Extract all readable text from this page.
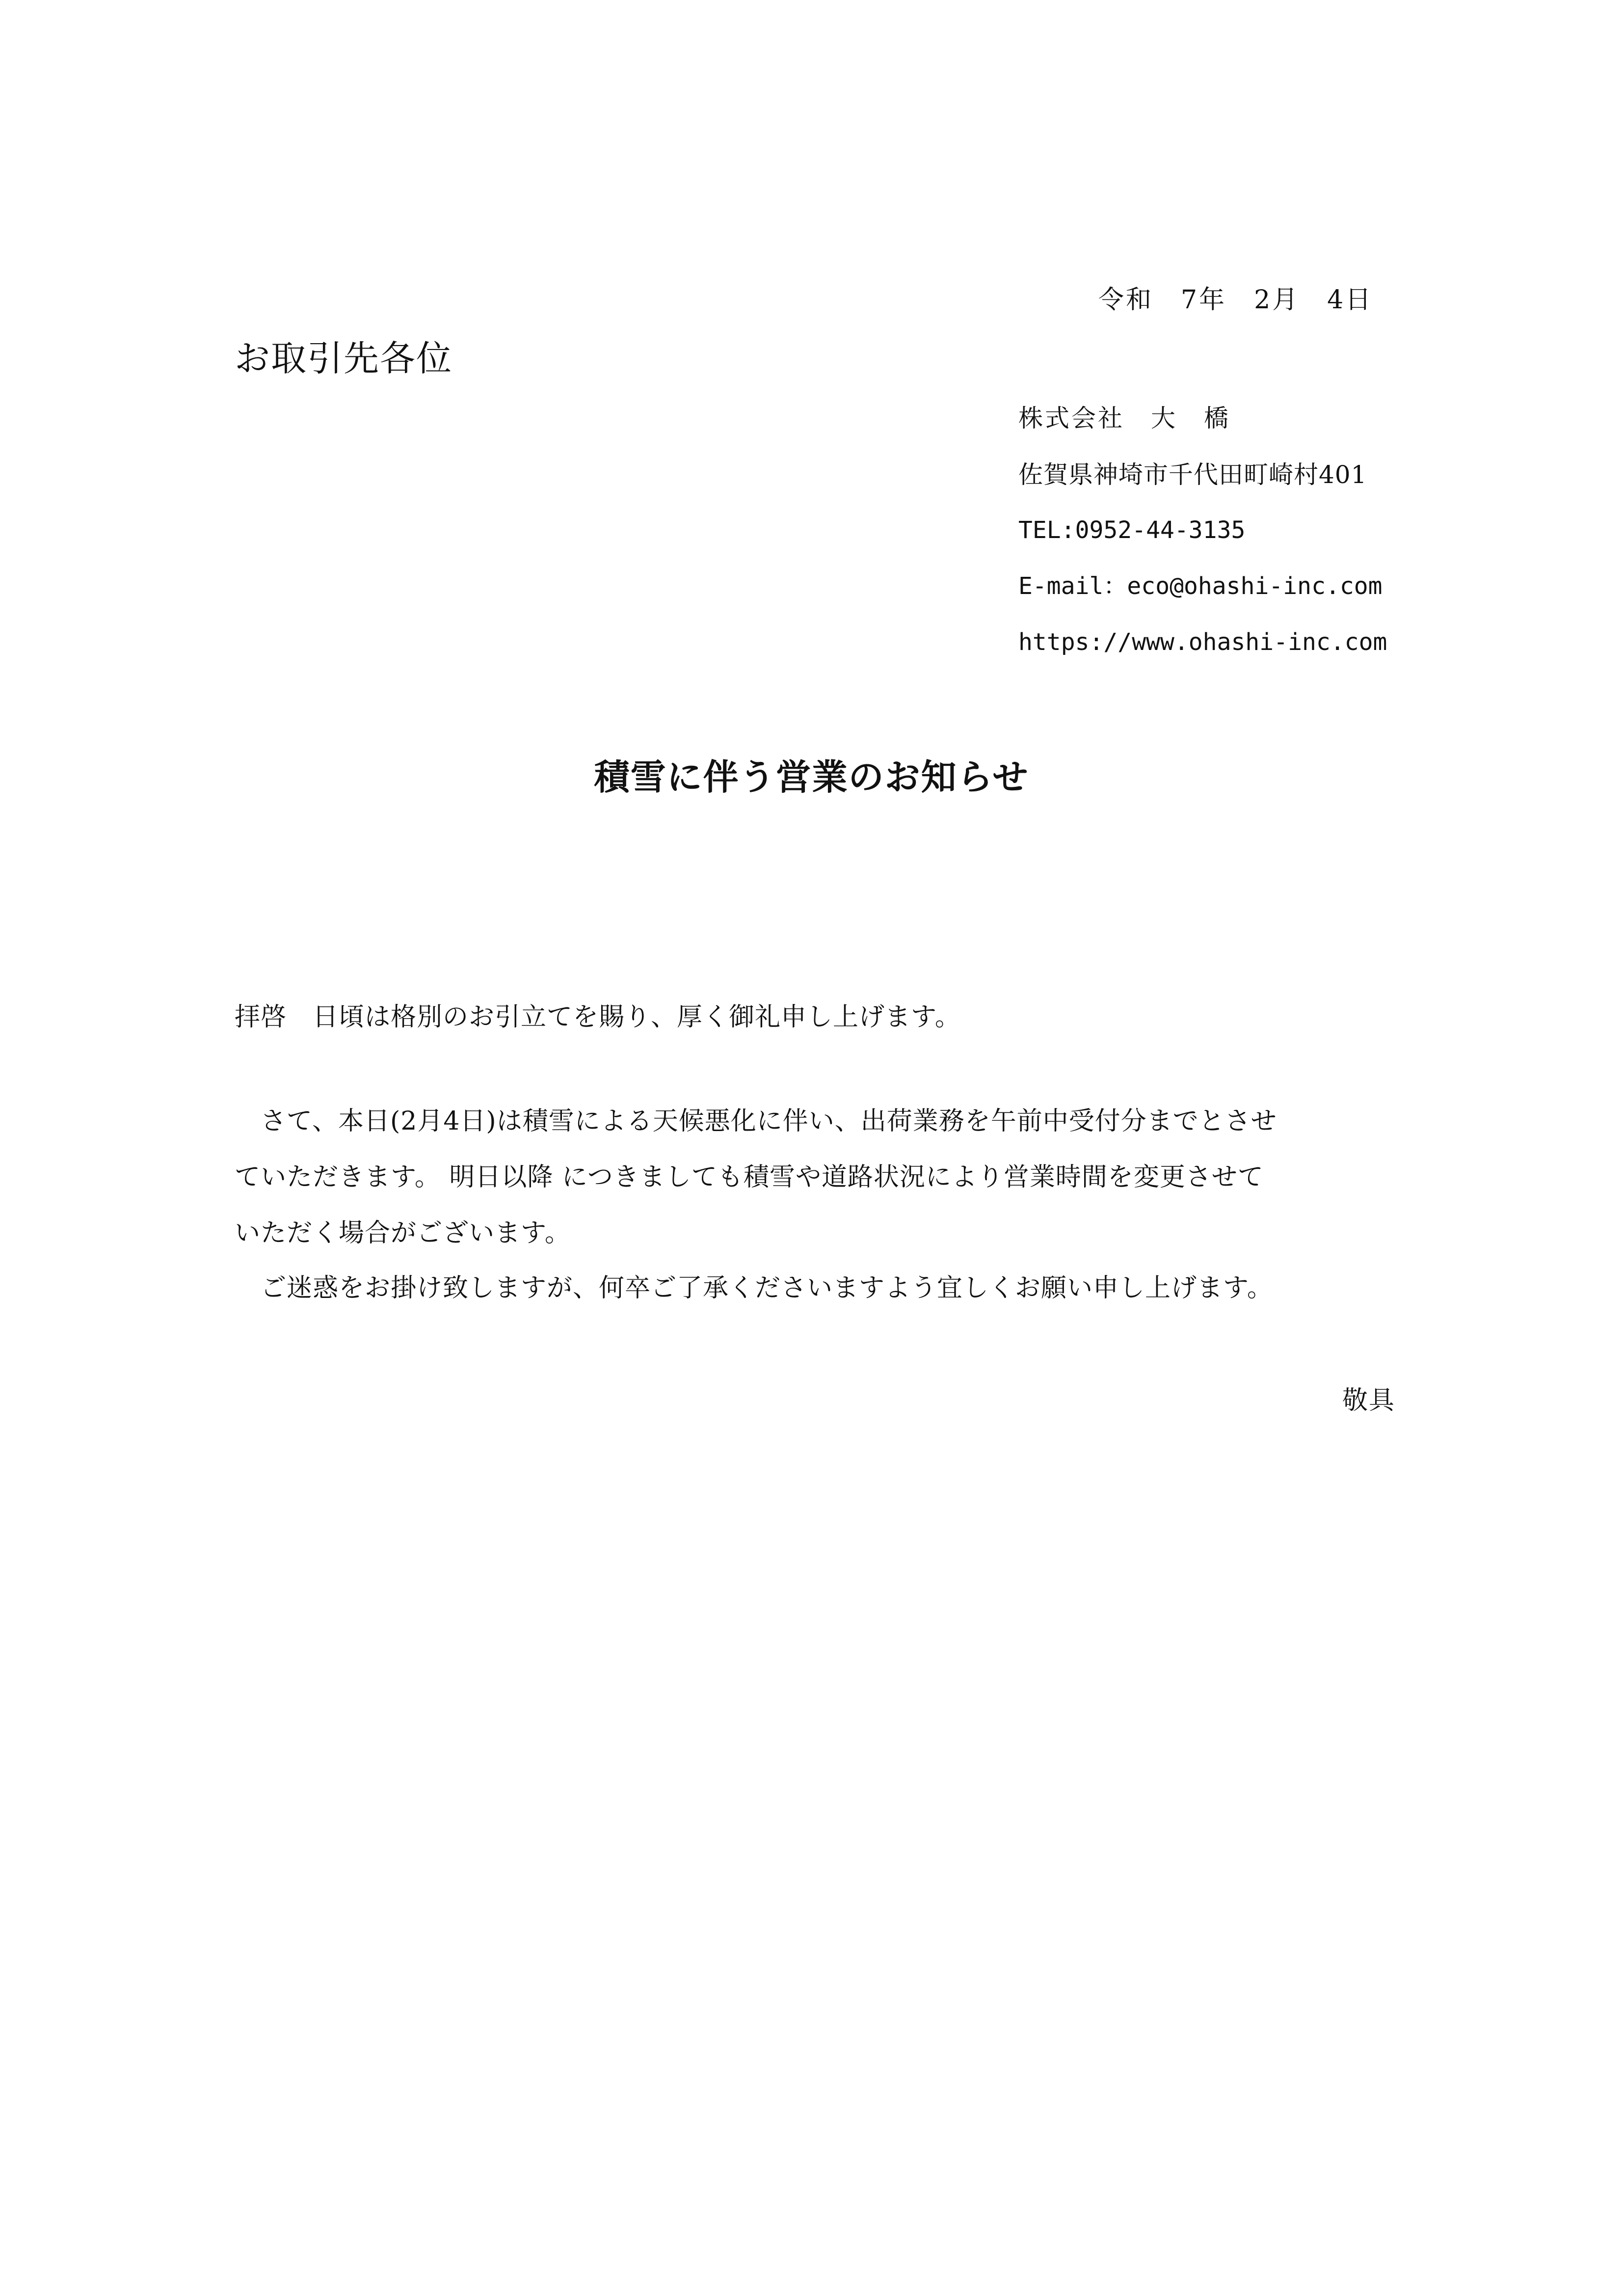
令和　7年　2月　4日
お取引先各位
株式会社　大　橋
佐賀県神埼市千代田町崎村401
TEL:0952-44-3135
E-mail：eco@ohashi-inc.com
https://www.ohashi-inc.com
積雪に伴う営業のお知らせ
拝啓　日頃は格別のお引立てを賜り、厚く御礼申し上げます。
　さて、本日(2月4日)は積雪による天候悪化に伴い、出荷業務を午前中受付分までとさせ
ていただきます。 明日以降 につきましても積雪や道路状況により営業時間を変更させて
いただく場合がございます。
　ご迷惑をお掛け致しますが、何卒ご了承くださいますよう宜しくお願い申し上げます。
敬具
